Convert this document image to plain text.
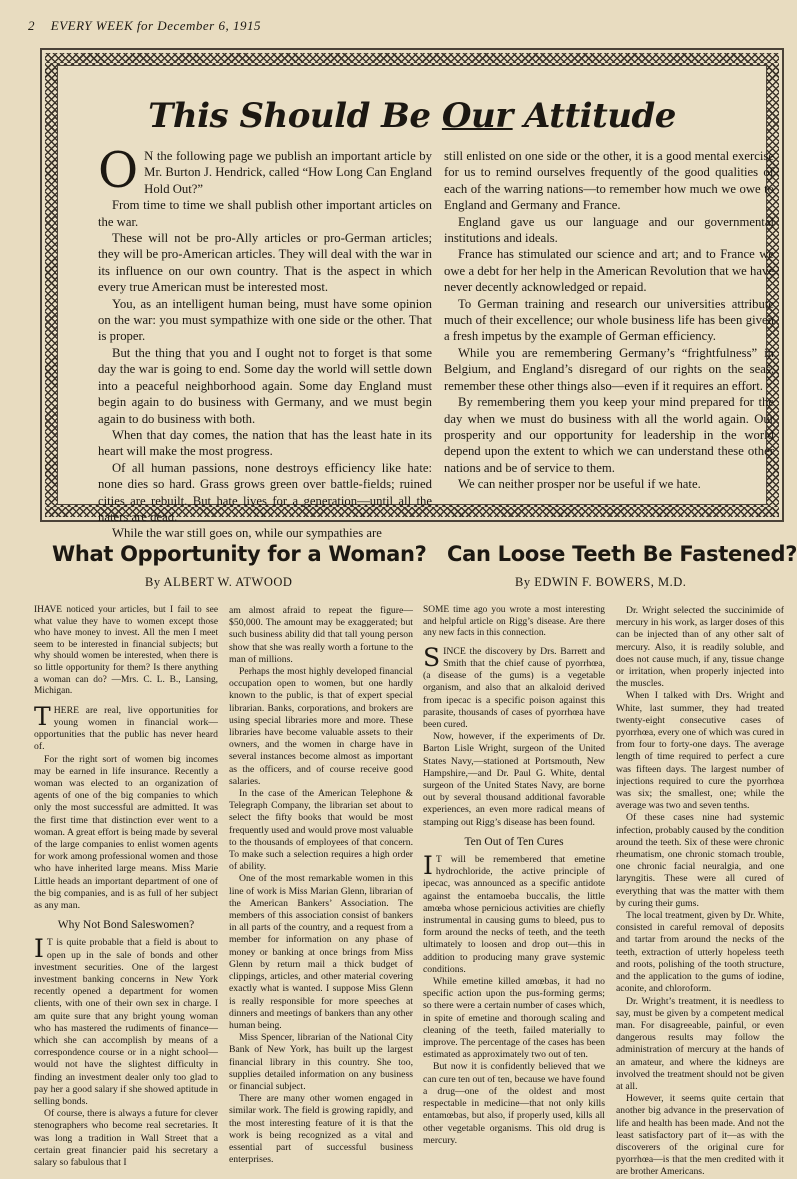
2 EVERY WEEK for December 6, 1915
This Should Be Our Attitude

O N the following page we publish an important article by Mr. Burton J. Hendrick, called “How Long Can England Hold Out?”

From time to time we shall publish other important articles on the war.

These will not be pro-Ally articles or pro-German articles; they will be pro-American articles. They will deal with the war in its influence on our own country. That is the aspect in which every true American must be interested most.

You, as an intelligent human being, must have some opinion on the war: you must sympathize with one side or the other. That is proper.

But the thing that you and I ought not to forget is that some day the war is going to end. Some day the world will settle down into a peaceful neighborhood again. Some day England must begin again to do business with Germany, and we must begin again to do business with both.

When that day comes, the nation that has the least hate in its heart will make the most progress.

Of all human passions, none destroys efficiency like hate: none dies so hard. Grass grows green over battle-fields; ruined cities are rebuilt. But hate lives for a generation—until all the haters are dead.

While the war still goes on, while our sympathies are

still enlisted on one side or the other, it is a good mental exercise for us to remind ourselves frequently of the good qualities of each of the warring nations—to remember how much we owe to England and Germany and France.

England gave us our language and our governmental institutions and ideals.

France has stimulated our science and art; and to France we owe a debt for her help in the American Revolution that we have never decently acknowledged or repaid.

To German training and research our universities attribute much of their excellence; our whole business life has been given a fresh impetus by the example of German efficiency.

While you are remembering Germany’s “frightfulness” in Belgium, and England’s disregard of our rights on the seas, remember these other things also—even if it requires an effort.

By remembering them you keep your mind prepared for the day when we must do business with all the world again. Our prosperity and our opportunity for leadership in the world depend upon the extent to which we can understand these other nations and be of service to them.

We can neither prosper nor be useful if we hate.

What Opportunity for a Woman?
By ALBERT W. ATWOOD

IHAVE noticed your articles, but I fail to see what value they have to women except those who have money to invest. All the men I meet seem to be interested in financial subjects; but why should women be interested, when there is so little opportunity for them? Is there anything a woman can do? —Mrs. C. L. B., Lansing, Michigan.

THERE are real, live opportunities for young women in financial work—opportunities that the public has never heard of.

For the right sort of women big incomes may be earned in life insurance. Recently a woman was elected to an organization of agents of one of the big companies to which only the most successful are admitted. It was the first time that distinction ever went to a woman. A great effort is being made by several of the large companies to enlist women agents for work among professional women and those who have inherited large means. Miss Marie Little heads an important department of one of the big companies, and is as full of her subject as any man.

Why Not Bond Saleswomen?

I T is quite probable that a field is about to open up in the sale of bonds and other investment securities. One of the largest investment banking concerns in New York recently opened a department for women clients, with one of their own sex in charge. I am quite sure that any bright young woman who has mastered the rudiments of finance—which she can accomplish by means of a correspondence course or in a night school—would not have the slightest difficulty in finding an investment dealer only too glad to pay her a good salary if she showed aptitude in selling bonds.

Of course, there is always a future for clever stenographers who become real secretaries. It was long a tradition in Wall Street that a certain great financier paid his secretary a salary so fabulous that I

am almost afraid to repeat the figure—$50,000. The amount may be exaggerated; but such business ability did that tall young person show that she was really worth a fortune to the man of millions.

Perhaps the most highly developed financial occupation open to women, but one hardly known to the public, is that of expert special librarian. Banks, corporations, and brokers are using special libraries more and more. These libraries have become valuable assets to their owners, and the women in charge have in several instances become almost as important as the officers, and of course receive good salaries.

In the case of the American Telephone & Telegraph Company, the librarian set about to select the fifty books that would be most frequently used and would prove most valuable to the thousands of employees of that concern. To make such a selection requires a high order of ability.

One of the most remarkable women in this line of work is Miss Marian Glenn, librarian of the American Bankers’ Association. The members of this association consist of bankers in all parts of the country, and a request from a member for information on any phase of money or banking at once brings from Miss Glenn by return mail a thick budget of clippings, articles, and other material covering exactly what is wanted. I suppose Miss Glenn is really responsible for more speeches at dinners and meetings of bankers than any other human being.

Miss Spencer, librarian of the National City Bank of New York, has built up the largest financial library in this country. She too, supplies detailed information on any business or financial subject.

There are many other women engaged in similar work. The field is growing rapidly, and the most interesting feature of it is that the work is being recognized as a vital and essential part of successful business enterprises.

Can Loose Teeth Be Fastened?
By EDWIN F. BOWERS, M.D.

SOME time ago you wrote a most interesting and helpful article on Rigg’s disease. Are there any new facts in this connection.

SINCE the discovery by Drs. Barrett and Smith that the chief cause of pyorrhœa, (a disease of the gums) is a vegetable organism, and also that an alkaloid derived from ipecac is a specific poison against this parasite, thousands of cases of pyorrhœa have been cured.

Now, however, if the experiments of Dr. Barton Lisle Wright, surgeon of the United States Navy,—stationed at Portsmouth, New Hampshire,—and Dr. Paul G. White, dental surgeon of the United States Navy, are borne out by several thousand additional favorable experiences, an even more radical means of stamping out Rigg’s disease has been found.

Ten Out of Ten Cures

I T will be remembered that emetine hydrochloride, the active principle of ipecac, was announced as a specific antidote against the entamoeba buccalis, the little amœba whose pernicious activities are chiefly instrumental in causing gums to bleed, pus to form around the necks of teeth, and the teeth ultimately to loosen and drop out—this in addition to producing many grave systemic conditions.

While emetine killed amœbas, it had no specific action upon the pus-forming germs; so there were a certain number of cases which, in spite of emetine and thorough scaling and cleaning of the teeth, failed materially to improve. The percentage of the cases has been estimated as approximately two out of ten.

But now it is confidently believed that we can cure ten out of ten, because we have found a drug—one of the oldest and most respectable in medicine—that not only kills entamœbas, but also, if properly used, kills all other vegetable organisms. This old drug is mercury.

Dr. Wright selected the succinimide of mercury in his work, as larger doses of this can be injected than of any other salt of mercury. Also, it is readily soluble, and does not cause much, if any, tissue change or irritation, when properly injected into the muscles.

When I talked with Drs. Wright and White, last summer, they had treated twenty-eight consecutive cases of pyorrhœa, every one of which was cured in from four to forty-one days. The average length of time required to perfect a cure was fifteen days. The largest number of injections required to cure the pyorrhœa was six; the smallest, one; while the average was two and seven tenths.

Of these cases nine had systemic infection, probably caused by the condition around the teeth. Six of these were chronic rheumatism, one chronic stomach trouble, one chronic facial neuralgia, and one laryngitis. These were all cured of everything that was the matter with them by curing their gums.

The local treatment, given by Dr. White, consisted in careful removal of deposits and tartar from around the necks of the teeth, extraction of utterly hopeless teeth and roots, polishing of the tooth structure, and the application to the gums of iodine, aconite, and chloroform.

Dr. Wright’s treatment, it is needless to say, must be given by a competent medical man. For disagreeable, painful, or even dangerous results may follow the administration of mercury at the hands of an amateur, and where the kidneys are involved the treatment should not be given at all.

However, it seems quite certain that another big advance in the preservation of life and health has been made. And not the least satisfactory part of it—as with the discoverers of the original cure for pyorrhœa—is that the men credited with it are brother Americans.
